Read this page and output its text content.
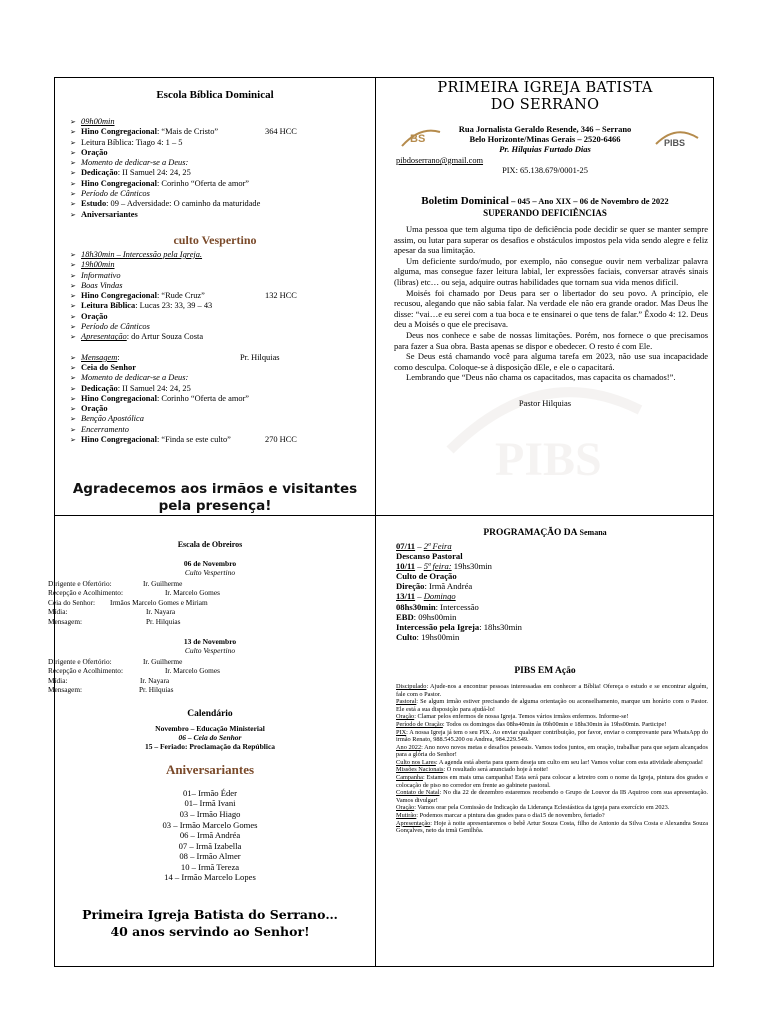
Escola Bíblica Dominical
➢ 09h00min
➢ Hino Congregacional: “Mais de Cristo”	364 HCC
➢ Leitura Bíblica: Tiago 4: 1 – 5
➢ Oração
➢ Momento de dedicar-se a Deus:
➢ Dedicação: II Samuel 24: 24, 25
➢ Hino Congregacional: Corinho “Oferta de amor”
➢ Período de Cânticos
➢ Estudo: 09 – Adversidade: O caminho da maturidade
➢ Aniversariantes
culto Vespertino
➢ 18h30min – Intercessão pela Igreja.
➢ 19h00min
➢ Informativo
➢ Boas Vindas
➢ Hino Congregacional: “Rude Cruz”	132 HCC
➢ Leitura Bíblica: Lucas 23: 33, 39 – 43
➢ Oração
➢ Período de Cânticos
➢ Apresentação: do Artur Souza Costa
➢ Mensagem:	Pr. Hilquias
➢ Ceia do Senhor
➢ Momento de dedicar-se a Deus:
➢ Dedicação: II Samuel 24: 24, 25
➢ Hino Congregacional: Corinho “Oferta de amor”
➢ Oração
➢ Benção Apostólica
➢ Encerramento
➢ Hino Congregacional: “Finda se este culto”	270 HCC
Agradecemos aos irmãos e visitantes pela presença!
PRIMEIRA IGREJA BATISTA
DO SERRANO
BS	PIBS
Rua Jornalista Geraldo Resende, 346 – Serrano
Belo Horizonte/Minas Gerais – 2520-6466
Pr. Hilquias Furtado Dias
pibdoserrano@gmail.com
PIX: 65.138.679/0001-25
Boletim Dominical – 045 – Ano XIX – 06 de Novembro de 2022
SUPERANDO DEFICIÊNCIAS

Uma pessoa que tem alguma tipo de deficiência pode decidir se quer se manter sempre assim, ou lutar para superar os desafios e obstáculos impostos pela vida sendo alegre e feliz apesar da sua limitação.

Um deficiente surdo/mudo, por exemplo, não consegue ouvir nem verbalizar palavra alguma, mas consegue fazer leitura labial, ler expressões faciais, conversar através sinais (libras) etc… ou seja, adquire outras habilidades que tornam sua vida menos difícil.

Moisés foi chamado por Deus para ser o libertador do seu povo. A princípio, ele recusou, alegando que não sabia falar. Na verdade ele não era grande orador. Mas Deus lhe disse: “vai…e eu serei com a tua boca e te ensinarei o que tens de falar.” Êxodo 4: 12. Deus deu a Moisés o que ele precisava.

Deus nos conhece e sabe de nossas limitações. Porém, nos fornece o que precisamos para fazer a Sua obra. Basta apenas se dispor e obedecer. O resto é com Ele.

Se Deus está chamando você para alguma tarefa em 2023, não use sua incapacidade como desculpa. Coloque-se à disposição dEle, e ele o capacitará.

Lembrando que “Deus não chama os capacitados, mas capacita os chamados!”.

Pastor Hilquias
PIBS
Escala de Obreiros
06 de Novembro
Culto Vespertino
Dirigente e Ofertório:	Ir. Guilherme
Recepção e Acolhimento:	Ir. Marcelo Gomes
Ceia do Senhor: Irmãos Marcelo Gomes e Miriam
Mídia:	Ir. Nayara
Mensagem:	Pr. Hilquias
13 de Novembro
Culto Vespertino
Dirigente e Ofertório:	Ir. Guilherme
Recepção e Acolhimento:	Ir. Marcelo Gomes
Mídia:	Ir. Nayara
Mensagem:	Pr. Hilquias
Calendário
Novembro – Educação Ministerial
06 – Ceia do Senhor
15 – Feriado: Proclamação da República
Aniversariantes
01– Irmão Éder
01– Irmã Ivani
03 – Irmão Hiago
03 – Irmão Marcelo Gomes
06 – Irmã Andréa
07 – Irmã Izabella
08 – Irmão Almer
10 – Irmã Tereza
14 – Irmão Marcelo Lopes
Primeira Igreja Batista do Serrano…
40 anos servindo ao Senhor!
PROGRAMAÇÃO DA Semana
07/11 – 2ª Feira
Descanso Pastoral
10/11 – 5ª feira: 19hs30min
Culto de Oração
Direção: Irmã Andréa
13/11 – Domingo
08hs30min: Intercessão
EBD: 09hs00min
Intercessão pela Igreja: 18hs30min
Culto: 19hs00min
PIBS EM Ação
Discipulado: Ajude-nos a encontrar pessoas interessadas em conhecer a Bíblia! Ofereça o estudo e se encontrar alguém, fale com o Pastor.
Pastoral: Se algum irmão estiver precisando de alguma orientação ou aconselhamento, marque um horário com o Pastor. Ele está a sua disposição para ajudá-lo!
Oração: Clamar pelos enfermos de nossa Igreja. Temos vários irmãos enfermos. Informe-se!
Período de Oração: Todos os domingos das 08hs40min às 09h00min e 18hs30min às 19hs00min. Participe!
PIX: A nossa Igreja já tem o seu PIX. Ao enviar qualquer contribuição, por favor, enviar o comprovante para WhatsApp do irmão Renato, 988.545.200 ou Andrea, 984.229.549.
Ano 2022: Ano novo novos metas e desafios pessoais. Vamos todos juntos, em oração, trabalhar para que sejam alcançados para a glória do Senhor!
Culto nos Lares: A agenda está aberta para quem deseja um culto em seu lar! Vamos voltar com esta atividade abençoada!
Missões Nacionais: O resultado será anunciado hoje à noite!
Campanha: Estamos em mais uma campanha! Esta será para colocar a letreiro com o nome da Igreja, pintura dos grades e colocação de piso no corredor em frente ao gabinete pastoral.
Contato de Natal: No dia 22 de dezembro estaremos recebendo o Grupo de Louvor da IB Aquiroo com sua apresentação. Vamos divulgar!
Oração: Vamos orar pela Comissão de Indicação da Liderança Eclesiástica da igreja para exercício em 2023.
Mutirão: Podemos marcar a pintura das grades para o dia15 de novembro, feriado?
Apresentação: Hoje à noite apresentaremos o bebê Artur Souza Costa, filho de Antonio da Silva Costa e Alexandra Souza Gonçalves, neto da irmã Genilhôa.
